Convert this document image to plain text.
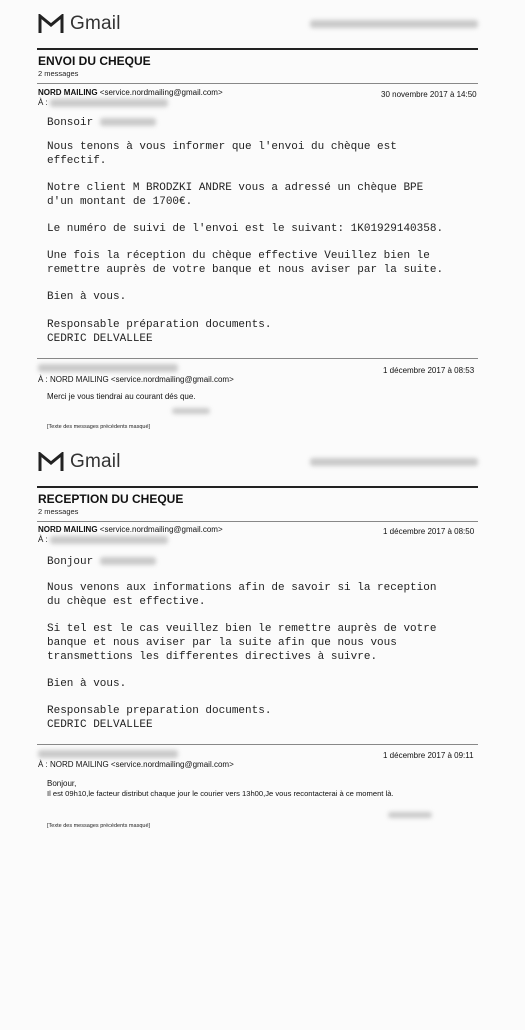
Gmail
ENVOI DU CHEQUE
2 messages
NORD MAILING <service.nordmailing@gmail.com>	30 novembre 2017 à 14:50
À :
Bonsoir
Nous tenons à vous informer que l'envoi du chèque est
effectif.
Notre client M BRODZKI ANDRE vous a adressé un chèque BPE
d'un montant de 1700€.
Le numéro de suivi de l'envoi est le suivant: 1K01929140358.
Une fois la réception du chèque effective Veuillez bien le
remettre auprès de votre banque et nous aviser par la suite.
Bien à vous.
Responsable préparation documents.
CEDRIC DELVALLEE
1 décembre 2017 à 08:53
À : NORD MAILING <service.nordmailing@gmail.com>
Merci je vous tiendrai au courant dés que.
[Texte des messages précédents masqué]
Gmail
RECEPTION DU CHEQUE
2 messages
NORD MAILING <service.nordmailing@gmail.com>	1 décembre 2017 à 08:50
À :
Bonjour
Nous venons aux informations afin de savoir si la reception
du chèque est effective.
Si tel est le cas veuillez bien le remettre auprès de votre
banque et nous aviser par la suite afin que nous vous
transmettions les differentes directives à suivre.
Bien à vous.
Responsable preparation documents.
CEDRIC DELVALLEE
1 décembre 2017 à 09:11
À : NORD MAILING <service.nordmailing@gmail.com>
Bonjour,
Il est 09h10,le facteur distribut chaque jour le courier vers 13h00,Je vous recontacterai à ce moment là.
[Texte des messages précédents masqué]
